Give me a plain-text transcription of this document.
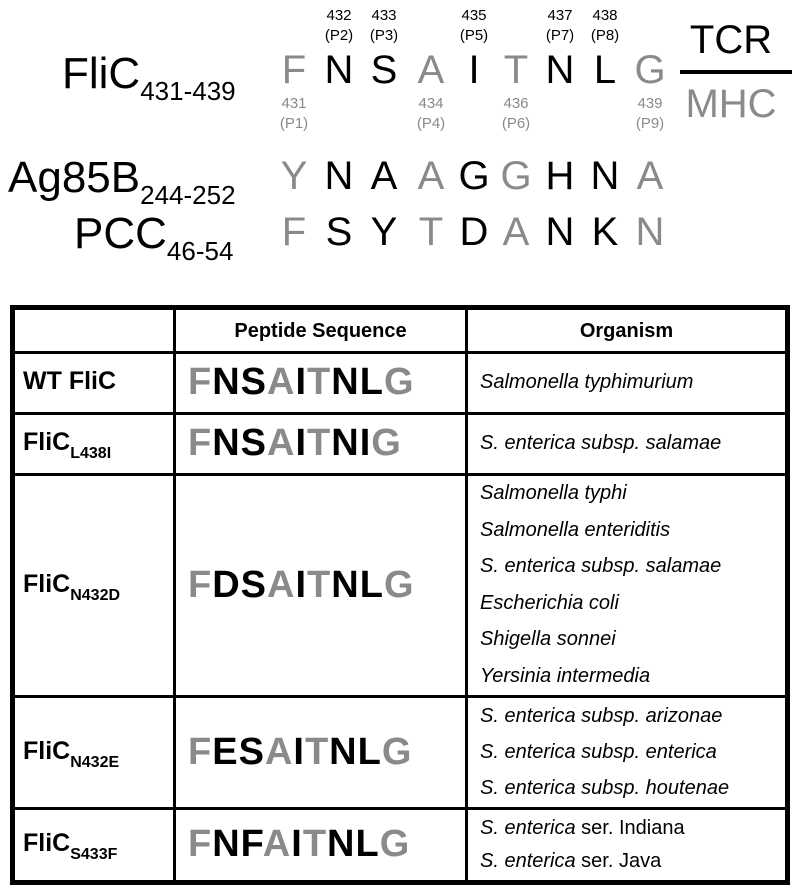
FliC$_{431-439}$ F N S A I T N L G
432
(P2)
433
(P3)
435
(P5)
437
(P7)
438
(P8)
431
(P1)
434
(P4)
436
(P6)
439
(P9)
$Ag85B_{244-252}$ Y N A A G G H N A
$PCC_{46-54}$ F S Y T D A N K N
TCR
MHC
Peptide Sequence	Organism
WT FliC FNSAITNLG	Salmonella typhimurium
FliC$_{L438I}$ FNSAITNIG	S. enterica subsp. salamae
FliC$_{N432D}$ FDSAITNLG
Salmonella typhi
Salmonella enteriditis
S. enterica subsp. salamae
Escherichia coli
Shigella sonnei
Yersinia intermedia
FliC$_{N432E}$ FESAITNLG
S. enterica subsp. arizonae
S. enterica subsp. enterica
S. enterica subsp. houtenae
FliC$_{S433F}$ FNFAITNLG	S. enterica ser. Indiana
S. enterica ser. Java
